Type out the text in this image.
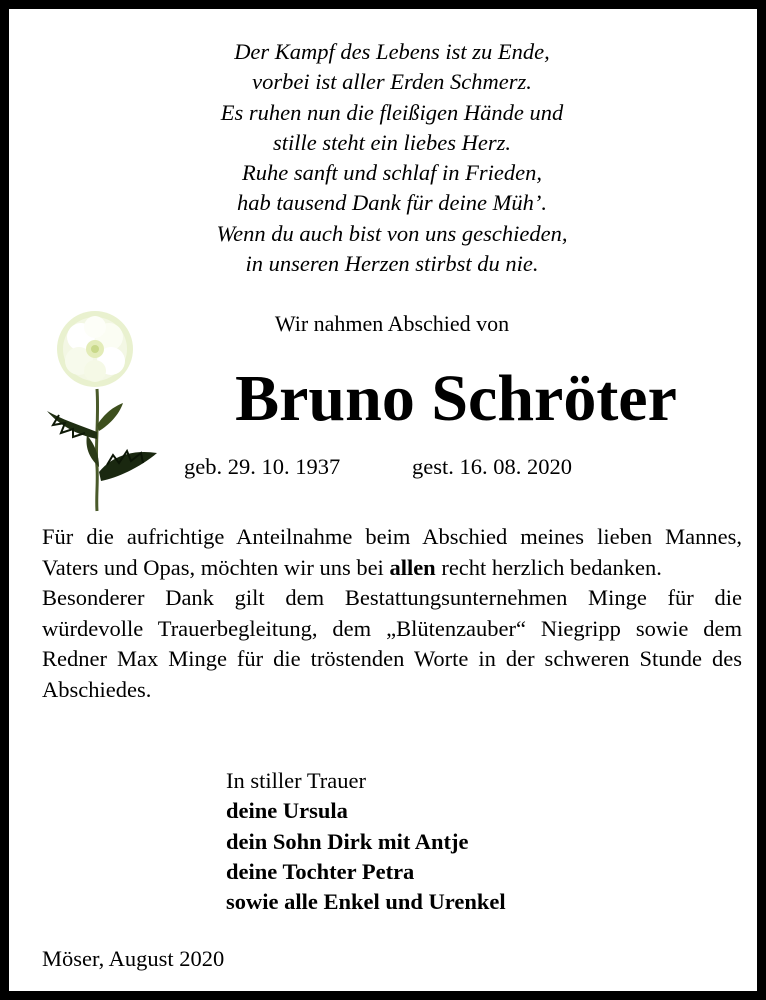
Der Kampf des Lebens ist zu Ende,
vorbei ist aller Erden Schmerz.
Es ruhen nun die fleißigen Hände und
stille steht ein liebes Herz.
Ruhe sanft und schlaf in Frieden,
hab tausend Dank für deine Müh’.
Wenn du auch bist von uns geschieden,
in unseren Herzen stirbst du nie.
Wir nahmen Abschied von
Bruno Schröter
geb. 29. 10. 1937	gest. 16. 08. 2020

Für die aufrichtige Anteilnahme beim Abschied meines lieben Mannes, Vaters und Opas, möchten wir uns bei allen recht herzlich bedanken.

Besonderer Dank gilt dem Bestattungsunternehmen Minge für die würdevolle Trauerbegleitung, dem „Blütenzauber“ Niegripp sowie dem Redner Max Minge für die tröstenden Worte in der schweren Stunde des Abschiedes.

In stiller Trauer
deine Ursula
dein Sohn Dirk mit Antje
deine Tochter Petra
sowie alle Enkel und Urenkel
Möser, August 2020
